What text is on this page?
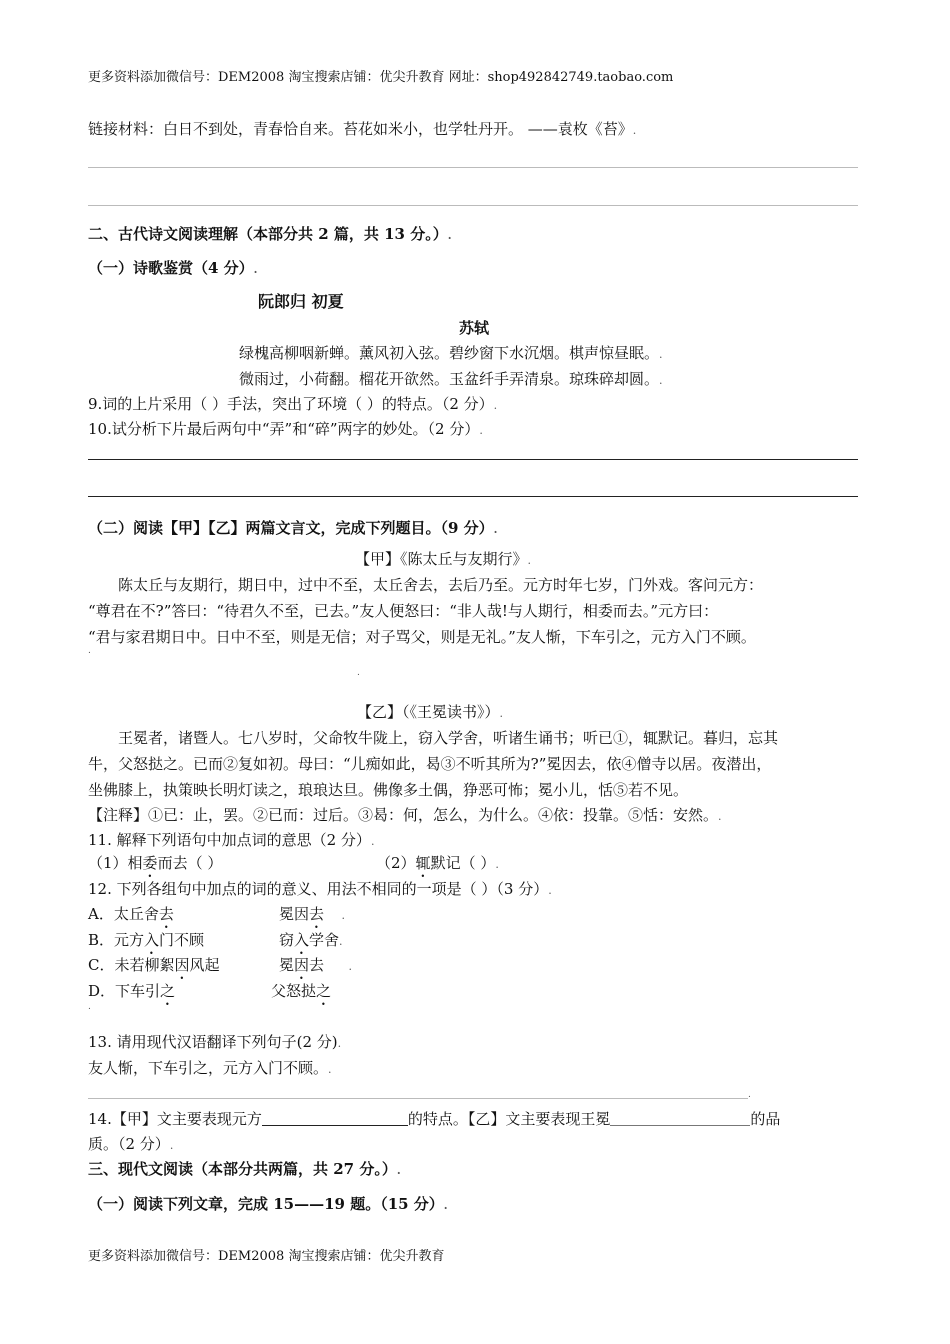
更多资料添加微信号：DEM2008 淘宝搜索店铺：优尖升教育 网址：shop492842749.taobao.com
链接材料：白日不到处，青春恰自来。苔花如米小，也学牡丹开。 ——袁枚《苔》.
二、古代诗文阅读理解（本部分共 2 篇，共 13 分。）.
（一）诗歌鉴赏（4 分）.
阮郎归 初夏
苏轼
绿槐高柳咽新蝉。薰风初入弦。碧纱窗下水沉烟。棋声惊昼眠。.
微雨过，小荷翻。榴花开欲然。玉盆纤手弄清泉。琼珠碎却圆。.
9.词的上片采用（ ）手法，突出了环境（ ）的特点。（2 分）.
10.试分析下片最后两句中“弄”和“碎”两字的妙处。（2 分）.
（二）阅读【甲】【乙】两篇文言文，完成下列题目。（9 分）.
【甲】《陈太丘与友期行》.
陈太丘与友期行，期日中，过中不至，太丘舍去，去后乃至。元方时年七岁，门外戏。客问元方：
“尊君在不?”答曰：“待君久不至，已去。”友人便怒曰：“非人哉!与人期行，相委而去。”元方曰：
“君与家君期日中。日中不至，则是无信；对子骂父，则是无礼。”友人惭，下车引之，元方入门不顾。
.
.
【乙】（《王冕读书》）.
王冕者，诸暨人。七八岁时，父命牧牛陇上，窃入学舍，听诸生诵书；听已①，辄默记。暮归，忘其
牛，父怒挞之。已而②复如初。母曰：“儿痴如此，曷③不听其所为?”冕因去，依④僧寺以居。夜潜出，
坐佛膝上，执策映长明灯读之，琅琅达旦。佛像多土偶，狰恶可怖；冕小儿，恬⑤若不见。
【注释】①已：止，罢。②已而：过后。③曷：何，怎么，为什么。④依：投靠。⑤恬：安然。.
11. 解释下列语句中加点词的意思（2 分）.
（1）相委而去（ ）	（2）辄默记（ ）.
12. 下列各组句中加点的词的意义、用法不相同的一项是（ ）（3 分）.
A．太丘舍去	冕因去     .
B．元方入门不顾	窃入学舍.
C．未若柳絮因风起	冕因去       .
D．下车引之	父怒挞之
.
13. 请用现代汉语翻译下列句子(2 分).
友人惭，下车引之，元方入门不顾。.
.
14.【甲】文主要表现元方	的特点。【乙】文主要表现王冕	的品
质。（2 分）.
三、现代文阅读（本部分共两篇，共 27 分。）.
（一）阅读下列文章，完成 15——19 题。（15 分）.
更多资料添加微信号：DEM2008 淘宝搜索店铺：优尖升教育
